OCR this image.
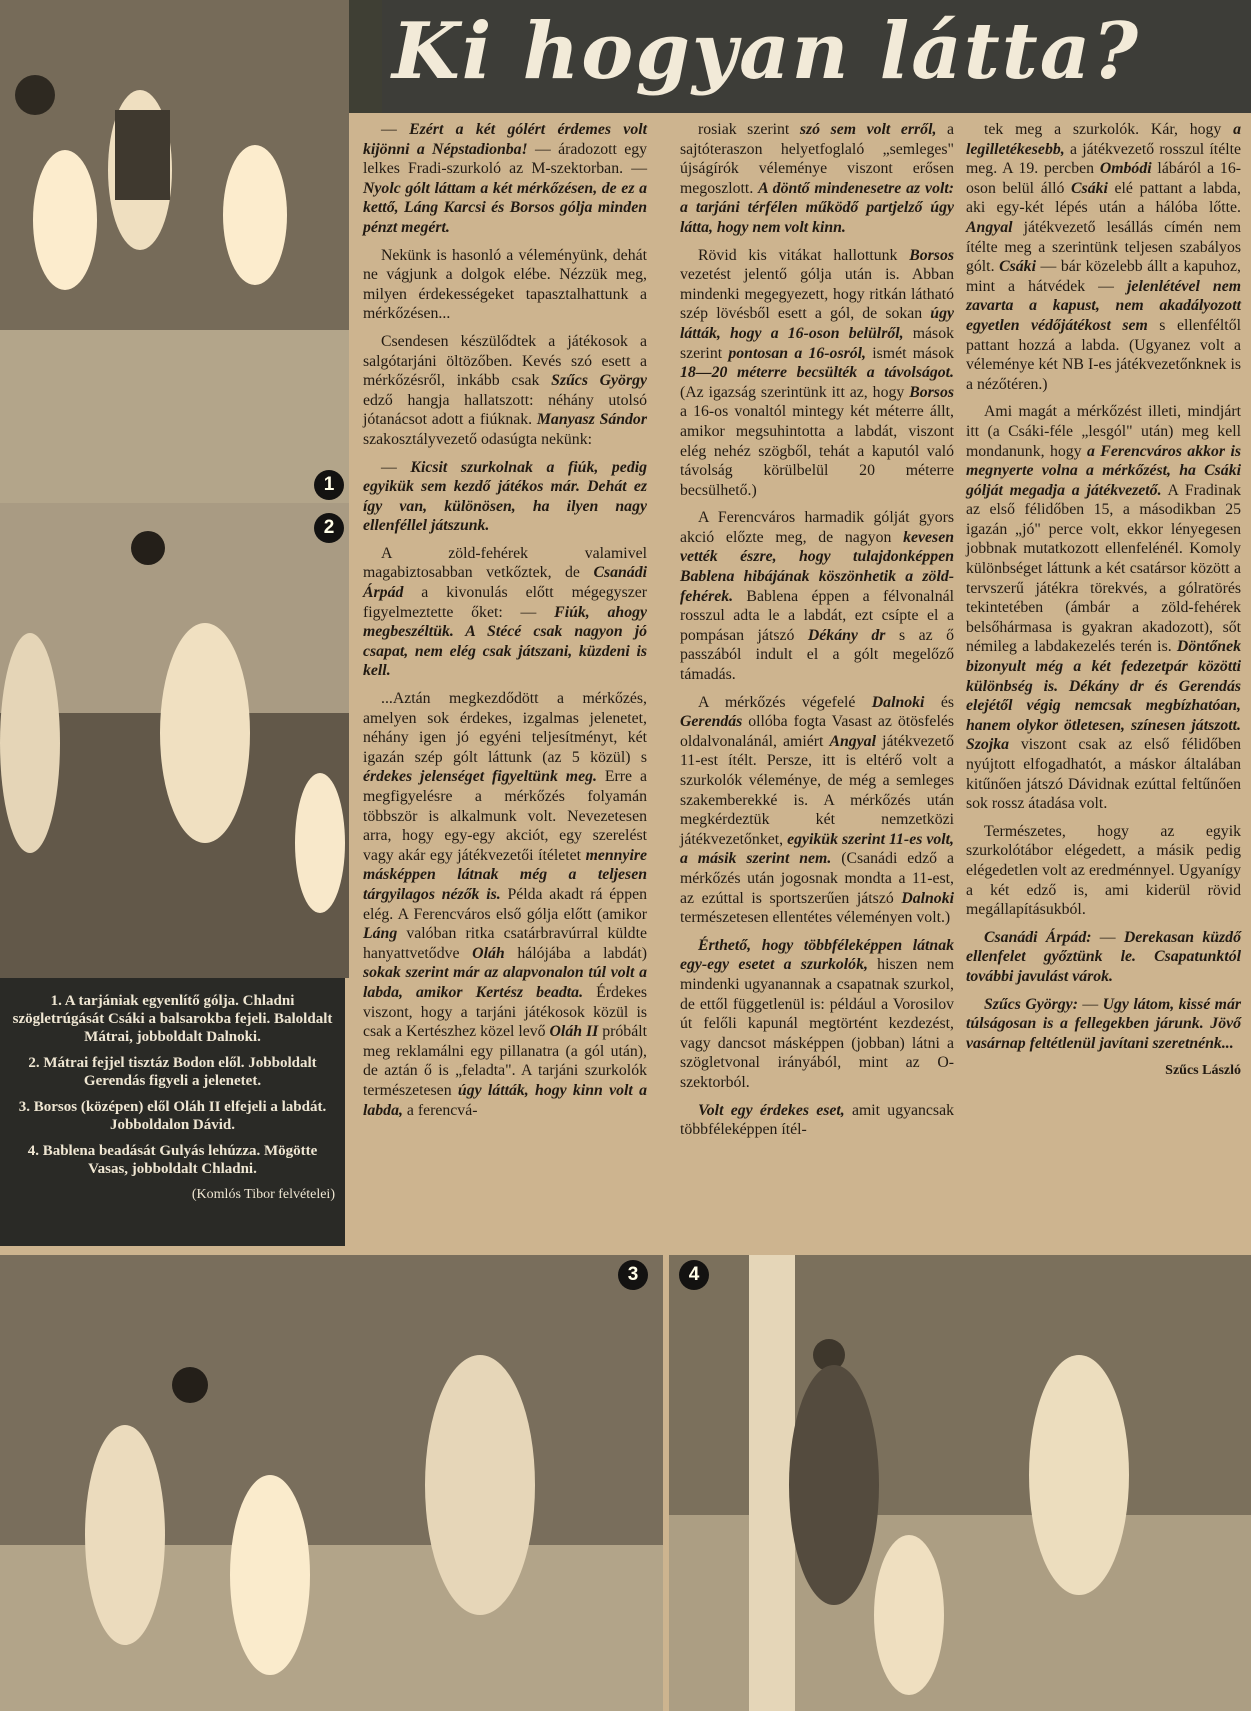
1
2
1. A tarjániak egyenlítő gólja. Chladni szögletrúgását Csáki a balsarokba fejeli. Baloldalt Mátrai, jobboldalt Dalnoki.
2. Mátrai fejjel tisztáz Bodon elől. Jobboldalt Gerendás figyeli a jelenetet.
3. Borsos (középen) elől Oláh II elfejeli a labdát. Jobboldalon Dávid.
4. Bablena beadását Gulyás lehúzza. Mögötte Vasas, jobboldalt Chladni.
(Komlós Tibor felvételei)
Ki hogyan látta?

— Ezért a két gólért érdemes volt kijönni a Népstadionba! — áradozott egy lelkes Fradi-szurkoló az M-szektorban. — Nyolc gólt láttam a két mérkőzésen, de ez a kettő, Láng Karcsi és Borsos gólja minden pénzt megért.

Nekünk is hasonló a véleményünk, dehát ne vágjunk a dolgok elébe. Nézzük meg, milyen érdekességeket tapasztalhattunk a mérkőzésen...

Csendesen készülődtek a játékosok a salgótarjáni öltözőben. Kevés szó esett a mérkőzésről, inkább csak Szűcs György edző hangja hallatszott: néhány utolsó jótanácsot adott a fiúknak. Manyasz Sándor szakosztályvezető odasúgta nekünk:

— Kicsit szurkolnak a fiúk, pedig egyikük sem kezdő játékos már. Dehát ez így van, különösen, ha ilyen nagy ellenféllel játszunk.

A zöld-fehérek valamivel magabiztosabban vetkőztek, de Csanádi Árpád a kivonulás előtt mégegyszer figyelmeztette őket: — Fiúk, ahogy megbeszéltük. A Stécé csak nagyon jó csapat, nem elég csak játszani, küzdeni is kell.

...Aztán megkezdődött a mérkőzés, amelyen sok érdekes, izgalmas jelenetet, néhány igen jó egyéni teljesítményt, két igazán szép gólt láttunk (az 5 közül) s érdekes jelenséget figyeltünk meg. Erre a megfigyelésre a mérkőzés folyamán többször is alkalmunk volt. Nevezetesen arra, hogy egy-egy akciót, egy szerelést vagy akár egy játékvezetői ítéletet mennyire másképpen látnak még a teljesen tárgyilagos nézők is. Példa akadt rá éppen elég. A Ferencváros első gólja előtt (amikor Láng valóban ritka csatárbravúrral küldte hanyattvetődve Oláh hálójába a labdát) sokak szerint már az alapvonalon túl volt a labda, amikor Kertész beadta. Érdekes viszont, hogy a tarjáni játékosok közül is csak a Kertészhez közel levő Oláh II próbált meg reklamálni egy pillanatra (a gól után), de aztán ő is „feladta". A tarjáni szurkolók természetesen úgy látták, hogy kinn volt a labda, a ferencvá-

rosiak szerint szó sem volt erről, a sajtóteraszon helyetfoglaló „semleges" újságírók véleménye viszont erősen megoszlott. A döntő mindenesetre az volt: a tarjáni térfélen működő partjelző úgy látta, hogy nem volt kinn.

Rövid kis vitákat hallottunk Borsos vezetést jelentő gólja után is. Abban mindenki megegyezett, hogy ritkán látható szép lövésből esett a gól, de sokan úgy látták, hogy a 16-oson belülről, mások szerint pontosan a 16-osról, ismét mások 18—20 méterre becsülték a távolságot. (Az igazság szerintünk itt az, hogy Borsos a 16-os vonaltól mintegy két méterre állt, amikor megsuhintotta a labdát, viszont elég nehéz szögből, tehát a kaputól való távolság körülbelül 20 méterre becsülhető.)

A Ferencváros harmadik gólját gyors akció előzte meg, de nagyon kevesen vették észre, hogy tulajdonképpen Bablena hibájának köszönhetik a zöld-fehérek. Bablena éppen a félvonalnál rosszul adta le a labdát, ezt csípte el a pompásan játszó Dékány dr s az ő passzából indult el a gólt megelőző támadás.

A mérkőzés végefelé Dalnoki és Gerendás ollóba fogta Vasast az ötösfelés oldalvonalánál, amiért Angyal játékvezető 11-est ítélt. Persze, itt is eltérő volt a szurkolók véleménye, de még a semleges szakemberekké is. A mérkőzés után megkérdeztük két nemzetközi játékvezetőnket, egyikük szerint 11-es volt, a másik szerint nem. (Csanádi edző a mérkőzés után jogosnak mondta a 11-est, az ezúttal is sportszerűen játszó Dalnoki természetesen ellentétes véleményen volt.)

Érthető, hogy többféleképpen látnak egy-egy esetet a szurkolók, hiszen nem mindenki ugyanannak a csapatnak szurkol, de ettől függetlenül is: például a Vorosilov út felőli kapunál megtörtént kezdezést, vagy dancsot másképpen (jobban) látni a szögletvonal irányából, mint az O-szektorból.

Volt egy érdekes eset, amit ugyancsak többféleképpen ítél-

tek meg a szurkolók. Kár, hogy a legilletékesebb, a játékvezető rosszul ítélte meg. A 19. percben Ombódi lábáról a 16-oson belül álló Csáki elé pattant a labda, aki egy-két lépés után a hálóba lőtte. Angyal játékvezető lesállás címén nem ítélte meg a szerintünk teljesen szabályos gólt. Csáki — bár közelebb állt a kapuhoz, mint a hátvédek — jelenlétével nem zavarta a kapust, nem akadályozott egyetlen védőjátékost sem s ellenféltől pattant hozzá a labda. (Ugyanez volt a véleménye két NB I-es játékvezetőnknek is a nézőtéren.)

Ami magát a mérkőzést illeti, mindjárt itt (a Csáki-féle „lesgól" után) meg kell mondanunk, hogy a Ferencváros akkor is megnyerte volna a mérkőzést, ha Csáki gólját megadja a játékvezető. A Fradinak az első félidőben 15, a másodikban 25 igazán „jó" perce volt, ekkor lényegesen jobbnak mutatkozott ellenfelénél. Komoly különbséget láttunk a két csatársor között a tervszerű játékra törekvés, a gólratörés tekintetében (ámbár a zöld-fehérek belsőhármasa is gyakran akadozott), sőt némileg a labdakezelés terén is. Döntőnek bizonyult még a két fedezetpár közötti különbség is. Dékány dr és Gerendás elejétől végig nemcsak megbízhatóan, hanem olykor ötletesen, színesen játszott. Szojka viszont csak az első félidőben nyújtott elfogadhatót, a máskor általában kitűnően játszó Dávidnak ezúttal feltűnően sok rossz átadása volt.

Természetes, hogy az egyik szurkolótábor elégedett, a másik pedig elégedetlen volt az eredménnyel. Ugyanígy a két edző is, ami kiderül rövid megállapításukból.

Csanádi Árpád: — Derekasan küzdő ellenfelet győztünk le. Csapatunktól további javulást várok.

Szűcs György: — Ugy látom, kissé már túlságosan is a fellegekben járunk. Jövő vasárnap feltétlenül javítani szeretnénk...

Szűcs László

3	4
